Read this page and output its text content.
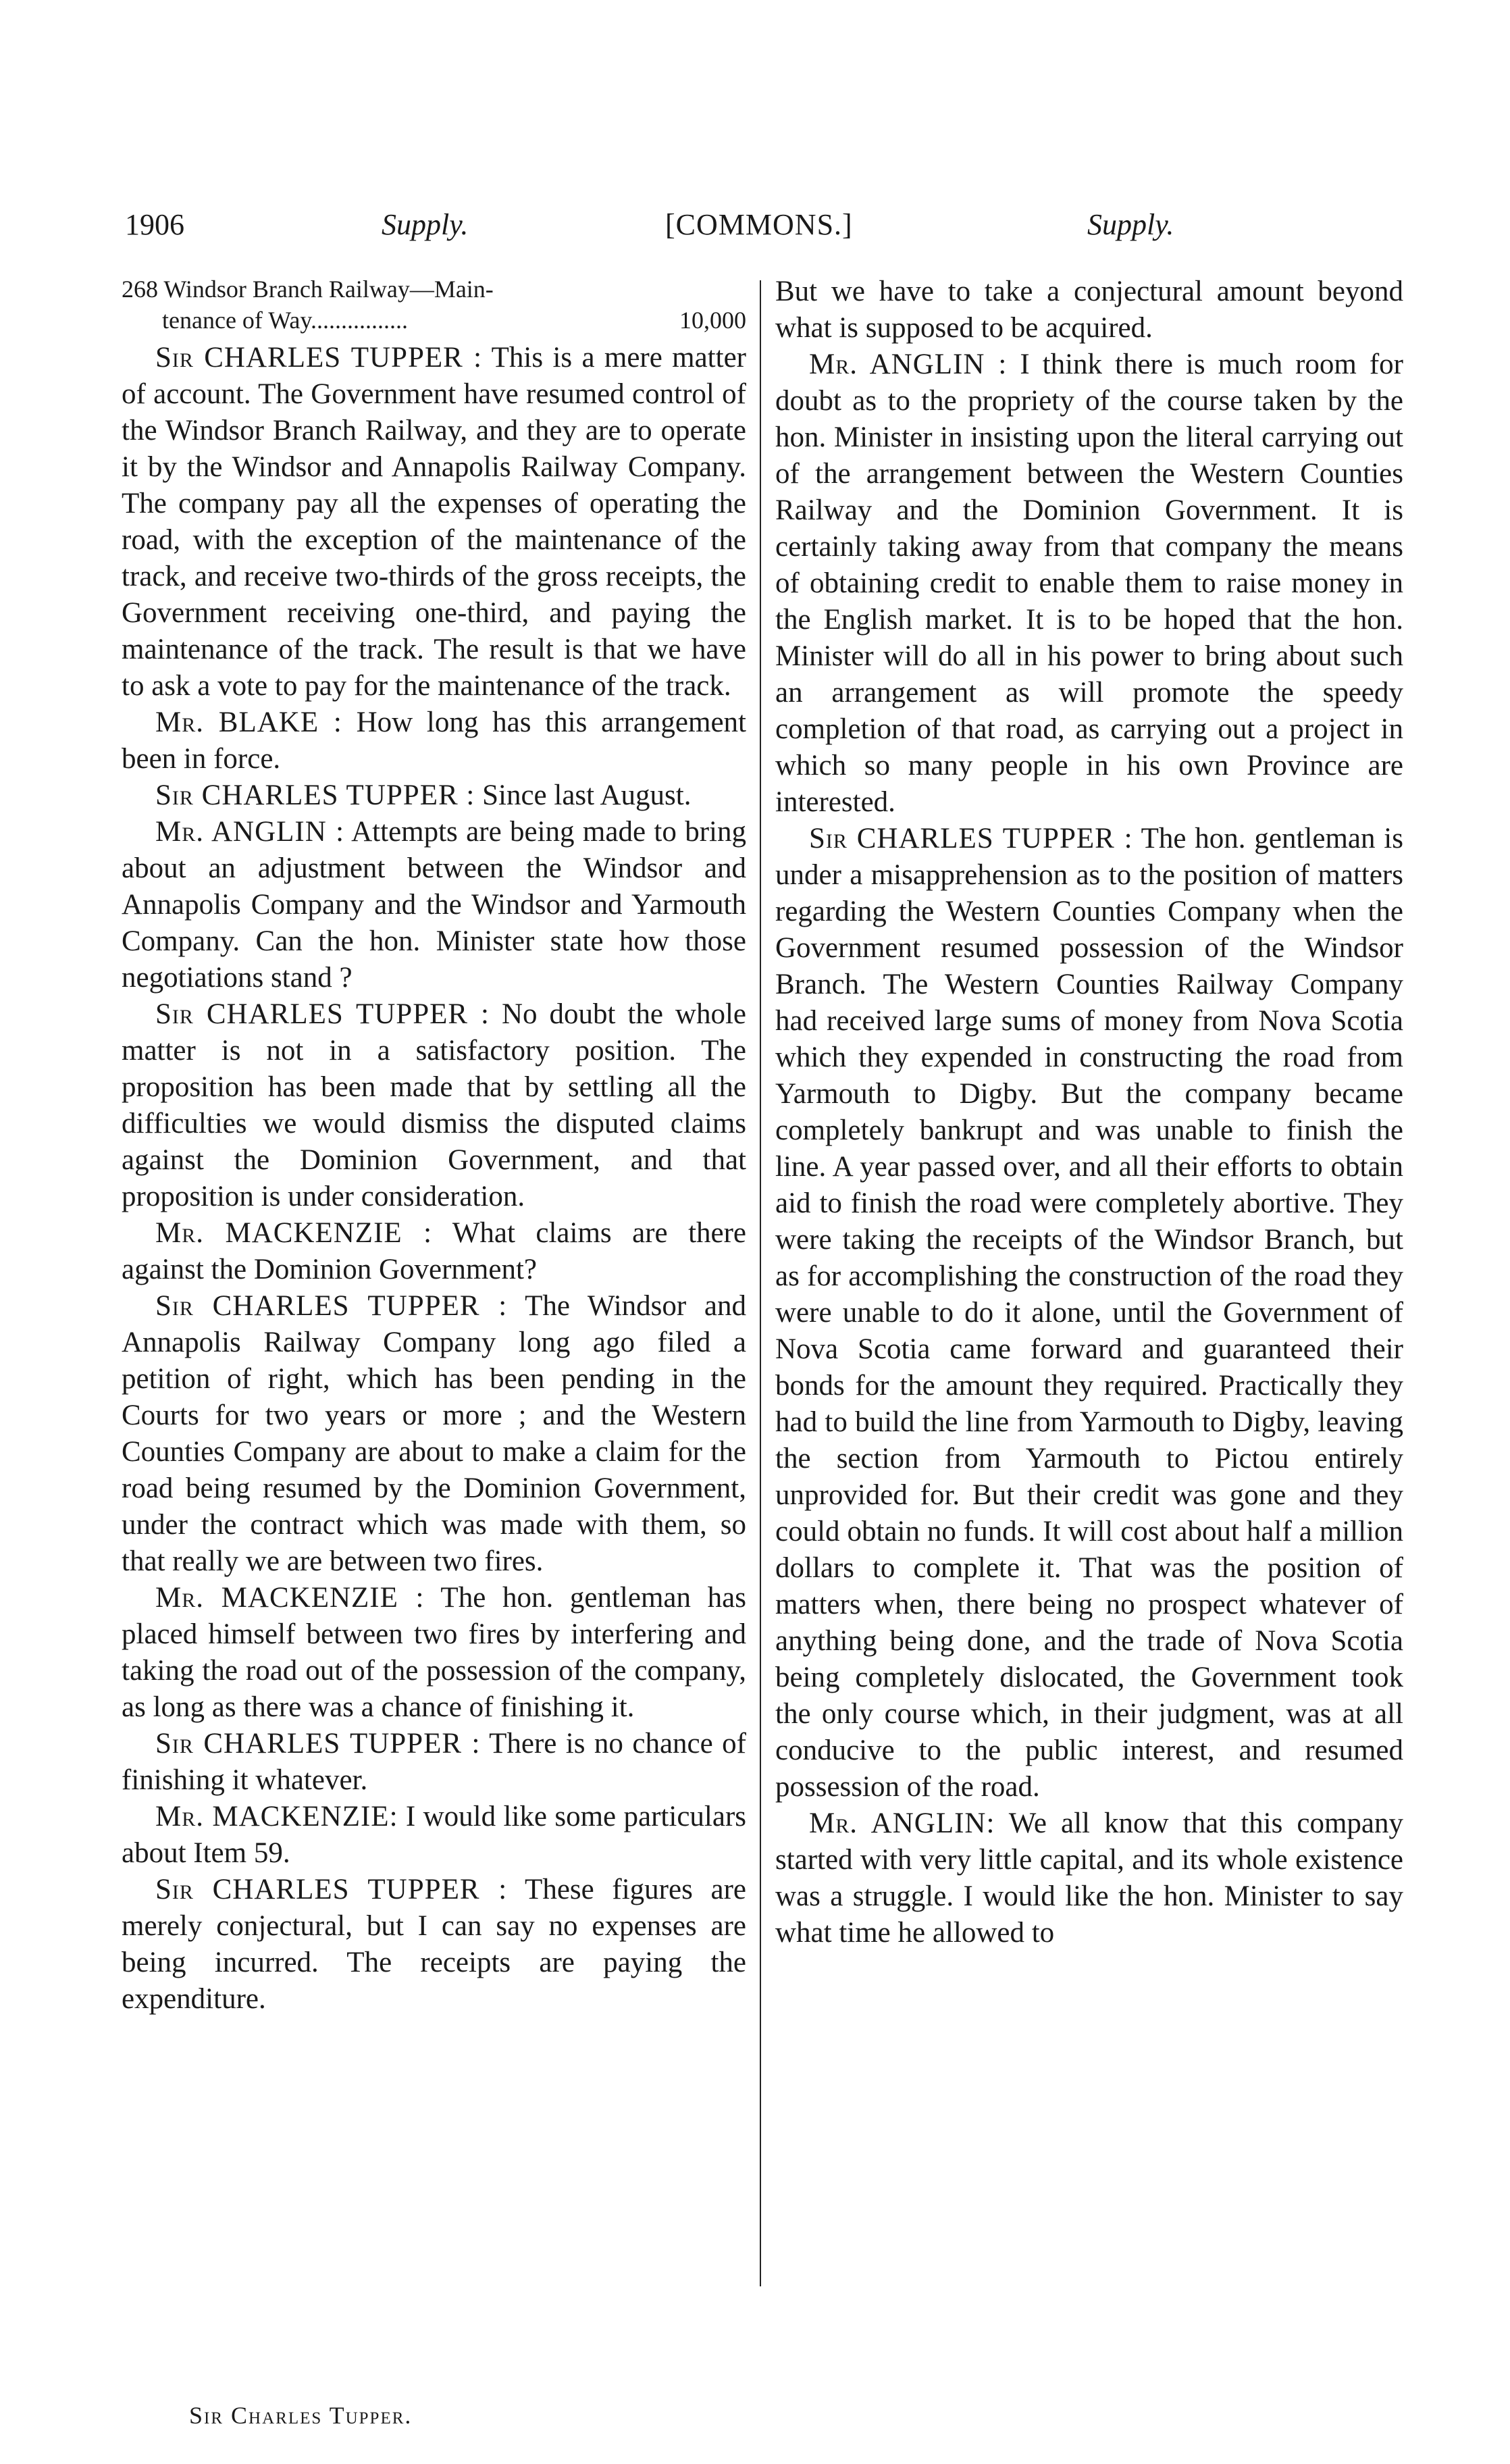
1906	Supply.	[COMMONS.]	Supply.
268 Windsor Branch Railway—Main-
tenance of Way................	10,000

Sir CHARLES TUPPER : This is a mere matter of account. The Government have resumed control of the Windsor Branch Railway, and they are to operate it by the Windsor and Annapolis Railway Company. The company pay all the expenses of operating the road, with the exception of the maintenance of the track, and receive two-thirds of the gross receipts, the Government receiving one-third, and paying the maintenance of the track. The result is that we have to ask a vote to pay for the maintenance of the track.

Mr. BLAKE : How long has this arrangement been in force.

Sir CHARLES TUPPER : Since last August.

Mr. ANGLIN : Attempts are being made to bring about an adjustment between the Windsor and Annapolis Company and the Windsor and Yarmouth Company. Can the hon. Minister state how those negotiations stand ?

Sir CHARLES TUPPER : No doubt the whole matter is not in a satisfactory position. The proposition has been made that by settling all the difficulties we would dismiss the disputed claims against the Dominion Government, and that proposition is under consideration.

Mr. MACKENZIE : What claims are there against the Dominion Government?

Sir CHARLES TUPPER : The Windsor and Annapolis Railway Company long ago filed a petition of right, which has been pending in the Courts for two years or more ; and the Western Counties Company are about to make a claim for the road being resumed by the Dominion Government, under the contract which was made with them, so that really we are between two fires.

Mr. MACKENZIE : The hon. gentleman has placed himself between two fires by interfering and taking the road out of the possession of the company, as long as there was a chance of finishing it.

Sir CHARLES TUPPER : There is no chance of finishing it whatever.

Mr. MACKENZIE: I would like some particulars about Item 59.

Sir CHARLES TUPPER : These figures are merely conjectural, but I can say no expenses are being incurred. The receipts are paying the expenditure.

But we have to take a conjectural amount beyond what is supposed to be acquired.

Mr. ANGLIN : I think there is much room for doubt as to the propriety of the course taken by the hon. Minister in insisting upon the literal carrying out of the arrangement between the Western Counties Railway and the Dominion Government. It is certainly taking away from that company the means of obtaining credit to enable them to raise money in the English market. It is to be hoped that the hon. Minister will do all in his power to bring about such an arrangement as will promote the speedy completion of that road, as carrying out a project in which so many people in his own Province are interested.

Sir CHARLES TUPPER : The hon. gentleman is under a misapprehension as to the position of matters regarding the Western Counties Company when the Government resumed possession of the Windsor Branch. The Western Counties Railway Company had received large sums of money from Nova Scotia which they expended in constructing the road from Yarmouth to Digby. But the company became completely bankrupt and was unable to finish the line. A year passed over, and all their efforts to obtain aid to finish the road were completely abortive. They were taking the receipts of the Windsor Branch, but as for accomplishing the construction of the road they were unable to do it alone, until the Government of Nova Scotia came forward and guaranteed their bonds for the amount they required. Practically they had to build the line from Yarmouth to Digby, leaving the section from Yarmouth to Pictou entirely unprovided for. But their credit was gone and they could obtain no funds. It will cost about half a million dollars to complete it. That was the position of matters when, there being no prospect whatever of anything being done, and the trade of Nova Scotia being completely dislocated, the Government took the only course which, in their judgment, was at all conducive to the public interest, and resumed possession of the road.

Mr. ANGLIN: We all know that this company started with very little capital, and its whole existence was a struggle. I would like the hon. Minister to say what time he allowed to

Sir Charles Tupper.
